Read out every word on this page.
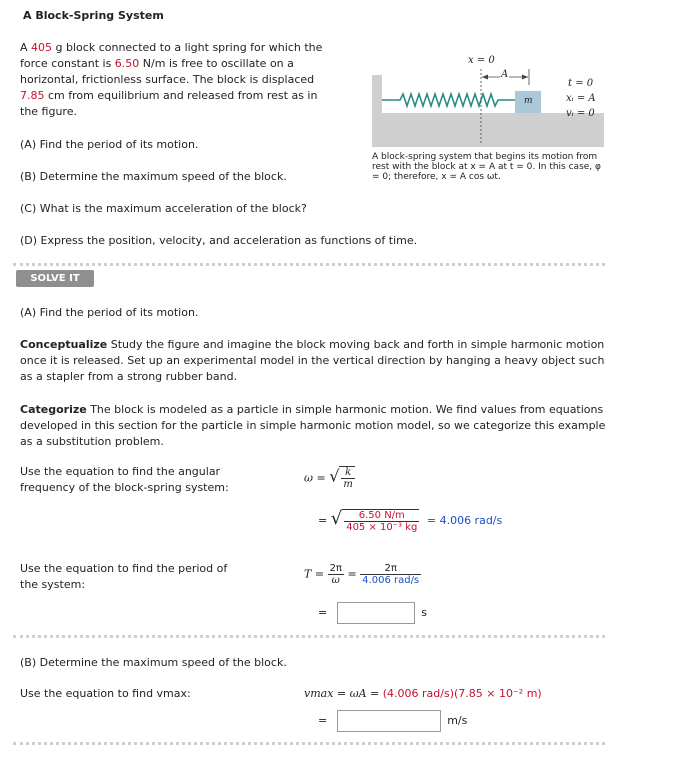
A Block-Spring System
A 405 g block connected to a light spring for which the force constant is 6.50 N/m is free to oscillate on a horizontal, frictionless surface. The block is displaced 7.85 cm from equilibrium and released from rest as in the figure.
x = 0
A
m
t = 0
xᵢ = A
vᵢ = 0
A block-spring system that begins its motion from rest with the block at x = A at t = 0. In this case, φ = 0; therefore, x = A cos ωt.
(A) Find the period of its motion.
(B) Determine the maximum speed of the block.
(C) What is the maximum acceleration of the block?
(D) Express the position, velocity, and acceleration as functions of time.
SOLVE IT
(A) Find the period of its motion.
Conceptualize Study the figure and imagine the block moving back and forth in simple harmonic motion once it is released. Set up an experimental model in the vertical direction by hanging a heavy object such as a stapler from a strong rubber band.
Categorize The block is modeled as a particle in simple harmonic motion. We find values from equations developed in this section for the particle in simple harmonic motion model, so we categorize this example as a substitution problem.
Use the equation to find the angular frequency of the block-spring system:
ω = √ $\frac{k}{m}$
= √ $\frac{6.50 N/m}{\text{405 × 10⁻³ kg}} = 4.006$ rad/s
Use the equation to find the period of the system:
$T = \frac{2\pi}{\omega} = \frac{2\pi}{\text{4.006 rad/s}}$
=	s
(B) Determine the maximum speed of the block.
Use the equation to find vmax:	vmax = ωA = (4.006 rad/s)(7.85 × 10⁻² m)
=	m/s
